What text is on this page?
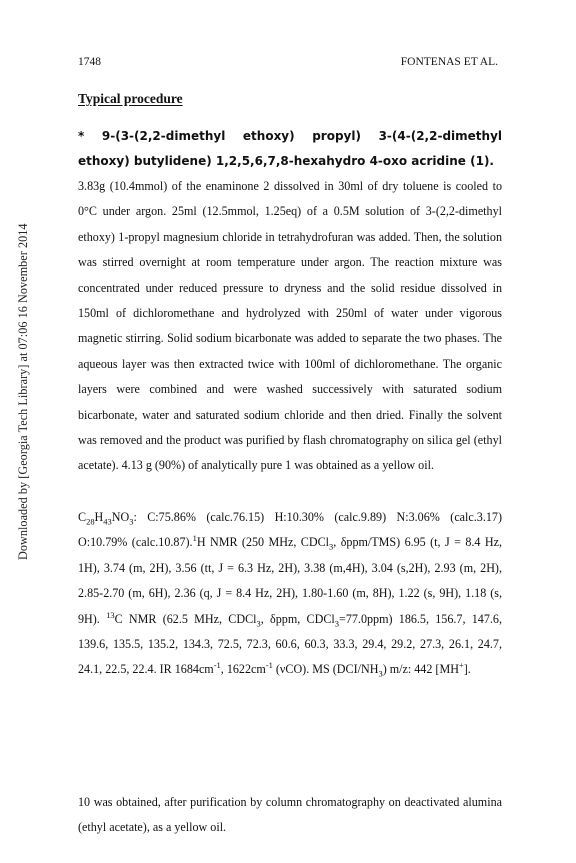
Downloaded by [Georgia Tech Library] at 07:06 16 November 2014
1748	FONTENAS ET AL.
Typical procedure
* 9-(3-(2,2-dimethyl ethoxy) propyl) 3-(4-(2,2-dimethyl ethoxy) butylidene) 1,2,5,6,7,8-hexahydro 4-oxo acridine (1).
3.83g (10.4mmol) of the enaminone 2 dissolved in 30ml of dry toluene is cooled to 0°C under argon. 25ml (12.5mmol, 1.25eq) of a 0.5M solution of 3-(2,2-dimethyl ethoxy) 1-propyl magnesium chloride in tetrahydrofuran was added. Then, the solution was stirred overnight at room temperature under argon. The reaction mixture was concentrated under reduced pressure to dryness and the solid residue dissolved in 150ml of dichloromethane and hydrolyzed with 250ml of water under vigorous magnetic stirring. Solid sodium bicarbonate was added to separate the two phases. The aqueous layer was then extracted twice with 100ml of dichloromethane. The organic layers were combined and were washed successively with saturated sodium bicarbonate, water and saturated sodium chloride and then dried. Finally the solvent was removed and the product was purified by flash chromatography on silica gel (ethyl acetate). 4.13 g (90%) of analytically pure 1 was obtained as a yellow oil.
$C_{28}H_{43}NO_3$: C:75.86% (calc.76.15) H:10.30% (calc.9.89) N:3.06% (calc.3.17) O:10.79% (calc.10.87).$^1$H NMR (250 MHz, CDCl$_3$, δppm/TMS) 6.95 (t, J = 8.4 Hz, 1H), 3.74 (m, 2H), 3.56 (tt, J = 6.3 Hz, 2H), 3.38 (m,4H), 3.04 (s,2H), 2.93 (m, 2H), 2.85-2.70 (m, 6H), 2.36 (q, J = 8.4 Hz, 2H), 1.80-1.60 (m, 8H), 1.22 (s, 9H), 1.18 (s, 9H). $^{13}$C NMR (62.5 MHz, CDCl$_3$, δppm, CDCl$_3$=77.0ppm) 186.5, 156.7, 147.6, 139.6, 135.5, 135.2, 134.3, 72.5, 72.3, 60.6, 60.3, 33.3, 29.4, 29.2, 27.3, 26.1, 24.7, 24.1, 22.5, 22.4. IR $1684cm^{-1}$, $1622cm^{-1}$ (νCO). MS $(DCI/NH_3)$ m/z: 442 [MH+].
10 was obtained, after purification by column chromatography on deactivated alumina (ethyl acetate), as a yellow oil.
